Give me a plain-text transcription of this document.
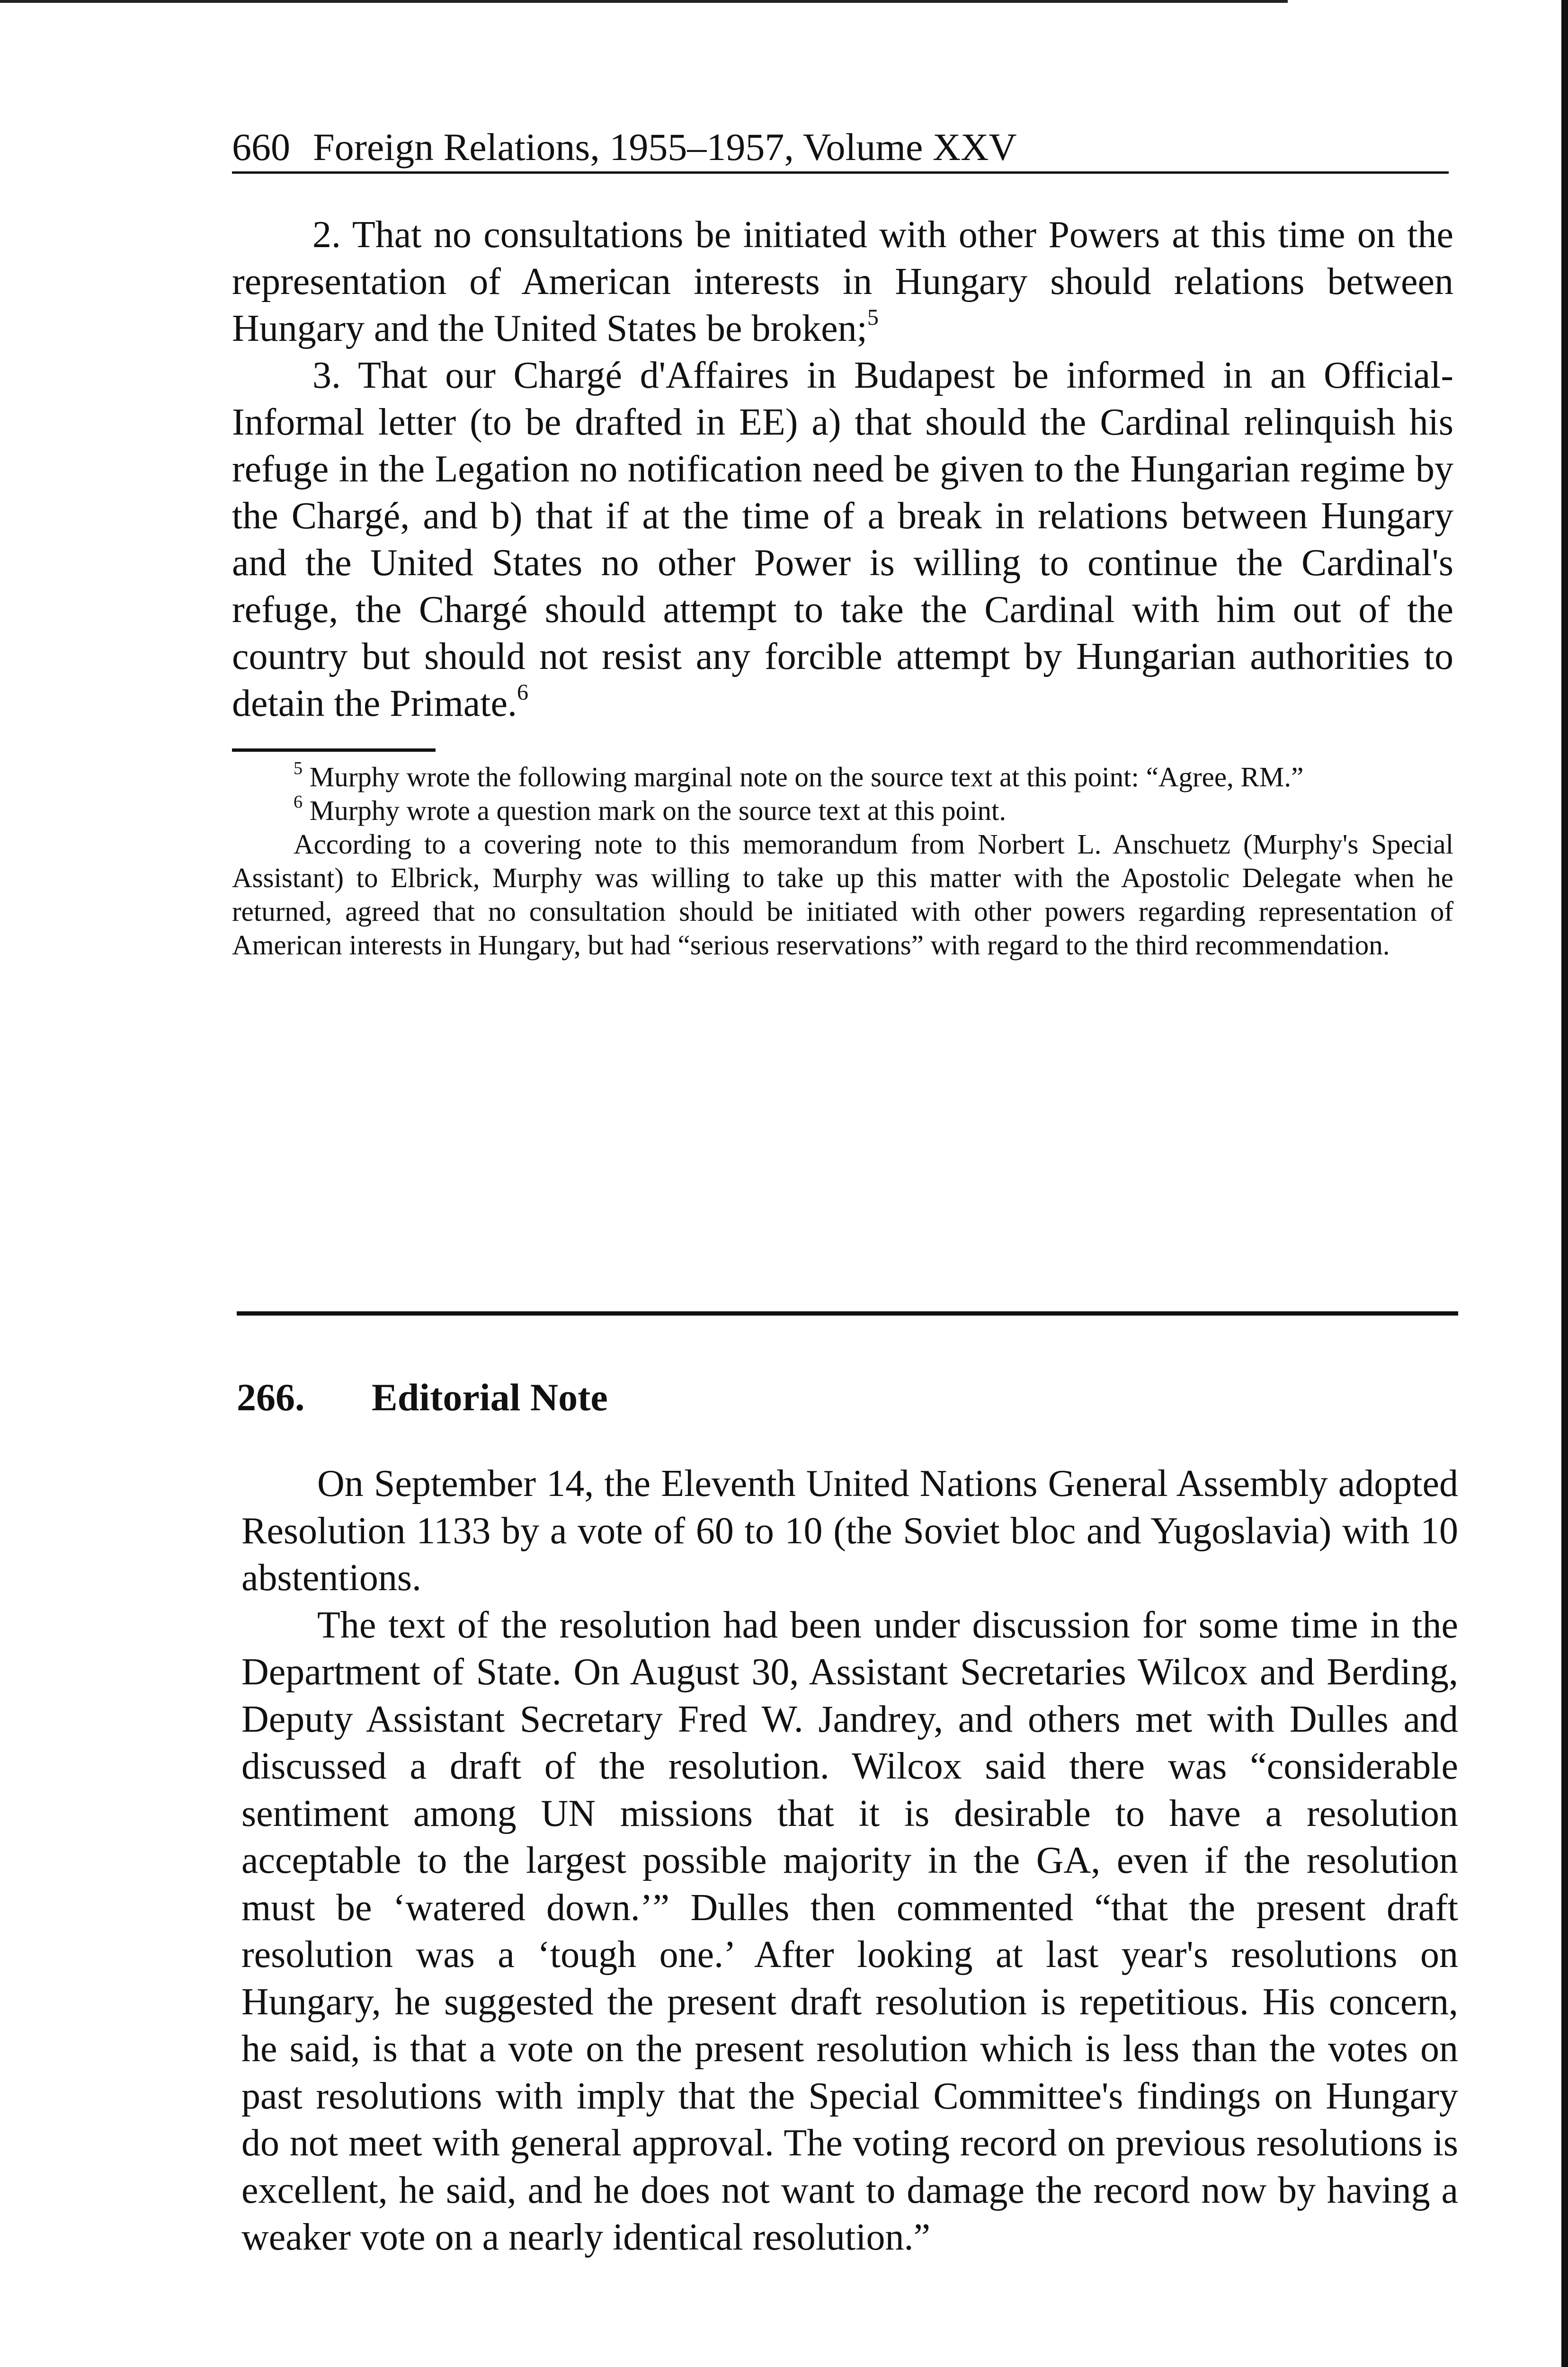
660 Foreign Relations, 1955–1957, Volume XXV

2. That no consultations be initiated with other Powers at this time on the representation of American interests in Hungary should relations between Hungary and the United States be broken;$^5$

3. That our Chargé d'Affaires in Budapest be informed in an Official-Informal letter (to be drafted in EE) a) that should the Cardinal relinquish his refuge in the Legation no notification need be given to the Hungarian regime by the Chargé, and b) that if at the time of a break in relations between Hungary and the United States no other Power is willing to continue the Cardinal's refuge, the Chargé should attempt to take the Cardinal with him out of the country but should not resist any forcible attempt by Hungarian authorities to detain the Primate.$^6$

$^5$ Murphy wrote the following marginal note on the source text at this point: “Agree, RM.”

$^6$ Murphy wrote a question mark on the source text at this point.

According to a covering note to this memorandum from Norbert L. Anschuetz (Murphy's Special Assistant) to Elbrick, Murphy was willing to take up this matter with the Apostolic Delegate when he returned, agreed that no consultation should be initiated with other powers regarding representation of American interests in Hungary, but had “serious reservations” with regard to the third recommendation.

266. Editorial Note

On September 14, the Eleventh United Nations General Assembly adopted Resolution 1133 by a vote of 60 to 10 (the Soviet bloc and Yugoslavia) with 10 abstentions.

The text of the resolution had been under discussion for some time in the Department of State. On August 30, Assistant Secretaries Wilcox and Berding, Deputy Assistant Secretary Fred W. Jandrey, and others met with Dulles and discussed a draft of the resolution. Wilcox said there was “considerable sentiment among UN missions that it is desirable to have a resolution acceptable to the largest possible majority in the GA, even if the resolution must be ‘watered down.’” Dulles then commented “that the present draft resolution was a ‘tough one.’ After looking at last year's resolutions on Hungary, he suggested the present draft resolution is repetitious. His concern, he said, is that a vote on the present resolution which is less than the votes on past resolutions with imply that the Special Committee's findings on Hungary do not meet with general approval. The voting record on previous resolutions is excellent, he said, and he does not want to damage the record now by having a weaker vote on a nearly identical resolution.”
